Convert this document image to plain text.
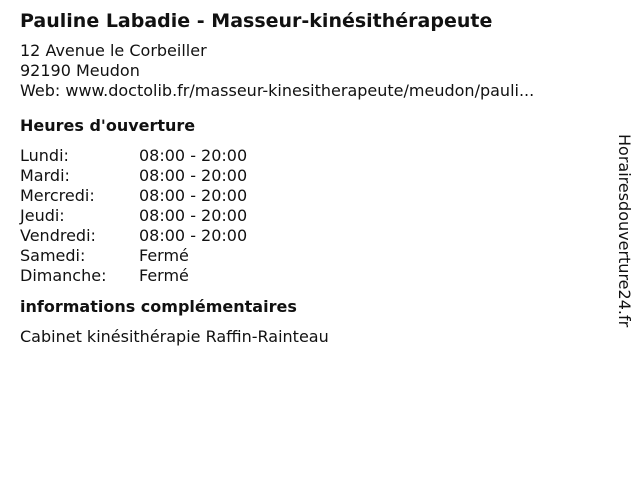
Pauline Labadie - Masseur-kinésithérapeute
12 Avenue le Corbeiller
92190 Meudon
Web: www.doctolib.fr/masseur-kinesitherapeute/meudon/pauli...
Heures d'ouverture
Lundi:	08:00 - 20:00
Mardi:	08:00 - 20:00
Mercredi:	08:00 - 20:00
Jeudi:	08:00 - 20:00
Vendredi:	08:00 - 20:00
Samedi:	Fermé
Dimanche:	Fermé
informations complémentaires
Cabinet kinésithérapie Raffin-Rainteau
Horairesdouverture24.fr
